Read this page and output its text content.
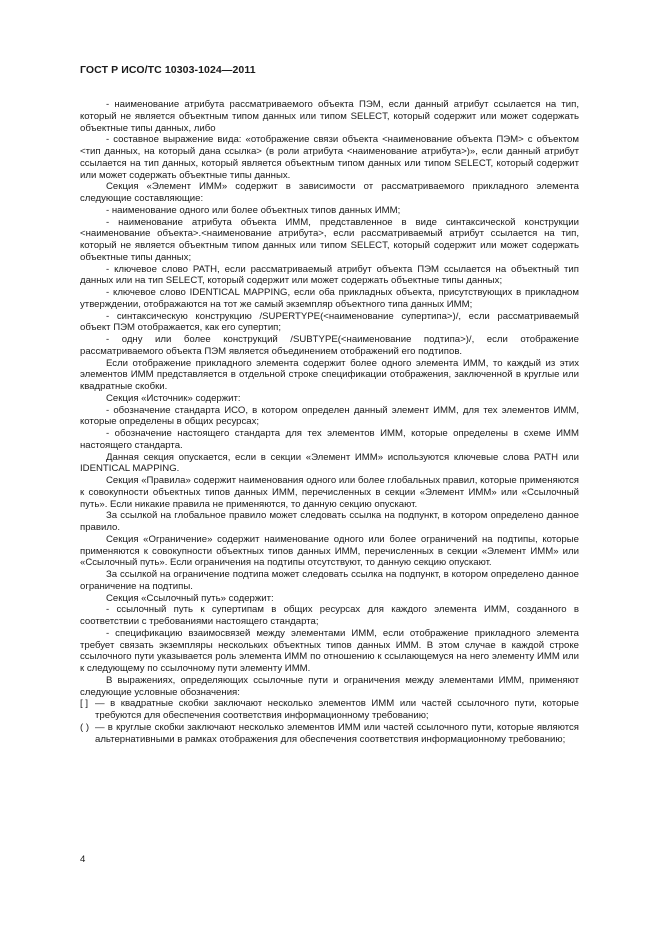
ГОСТ Р ИСО/ТС 10303-1024—2011

- наименование атрибута рассматриваемого объекта ПЭМ, если данный атрибут ссылается на тип, который не является объектным типом данных или типом SELECT, который содержит или может содержать объектные типы данных, либо

- составное выражение вида: «отображение связи объекта <наименование объекта ПЭМ> с объектом <тип данных, на который дана ссылка> (в роли атрибута <наименование атрибута>)», если данный атрибут ссылается на тип данных, который является объектным типом данных или типом SELECT, который содержит или может содержать объектные типы данных.

Секция «Элемент ИММ» содержит в зависимости от рассматриваемого прикладного элемента следующие составляющие:

- наименование одного или более объектных типов данных ИММ;

- наименование атрибута объекта ИММ, представленное в виде синтаксической конструкции <наименование объекта>.<наименование атрибута>, если рассматриваемый атрибут ссылается на тип, который не является объектным типом данных или типом SELECT, который содержит или может содержать объектные типы данных;

- ключевое слово PATH, если рассматриваемый атрибут объекта ПЭМ ссылается на объектный тип данных или на тип SELECT, который содержит или может содержать объектные типы данных;

- ключевое слово IDENTICAL MAPPING, если оба прикладных объекта, присутствующих в прикладном утверждении, отображаются на тот же самый экземпляр объектного типа данных ИММ;

- синтаксическую конструкцию /SUPERTYPE(<наименование супертипа>)/, если рассматриваемый объект ПЭМ отображается, как его супертип;

- одну или более конструкций /SUBTYPE(<наименование подтипа>)/, если отображение рассматриваемого объекта ПЭМ является объединением отображений его подтипов.

Если отображение прикладного элемента содержит более одного элемента ИММ, то каждый из этих элементов ИММ представляется в отдельной строке спецификации отображения, заключенной в круглые или квадратные скобки.

Секция «Источник» содержит:

- обозначение стандарта ИСО, в котором определен данный элемент ИММ, для тех элементов ИММ, которые определены в общих ресурсах;

- обозначение настоящего стандарта для тех элементов ИММ, которые определены в схеме ИММ настоящего стандарта.

Данная секция опускается, если в секции «Элемент ИММ» используются ключевые слова PATH или IDENTICAL MAPPING.

Секция «Правила» содержит наименования одного или более глобальных правил, которые применяются к совокупности объектных типов данных ИММ, перечисленных в секции «Элемент ИММ» или «Ссылочный путь». Если никакие правила не применяются, то данную секцию опускают.

За ссылкой на глобальное правило может следовать ссылка на подпункт, в котором определено данное правило.

Секция «Ограничение» содержит наименование одного или более ограничений на подтипы, которые применяются к совокупности объектных типов данных ИММ, перечисленных в секции «Элемент ИММ» или «Ссылочный путь». Если ограничения на подтипы отсутствуют, то данную секцию опускают.

За ссылкой на ограничение подтипа может следовать ссылка на подпункт, в котором определено данное ограничение на подтипы.

Секция «Ссылочный путь» содержит:

- ссылочный путь к супертипам в общих ресурсах для каждого элемента ИММ, созданного в соответствии с требованиями настоящего стандарта;

- спецификацию взаимосвязей между элементами ИММ, если отображение прикладного элемента требует связать экземпляры нескольких объектных типов данных ИММ. В этом случае в каждой строке ссылочного пути указывается роль элемента ИММ по отношению к ссылающемуся на него элементу ИММ или к следующему по ссылочному пути элементу ИММ.

В выражениях, определяющих ссылочные пути и ограничения между элементами ИММ, применяют следующие условные обозначения:

[ ] — в квадратные скобки заключают несколько элементов ИММ или частей ссылочного пути, которые требуются для обеспечения соответствия информационному требованию;
( ) — в круглые скобки заключают несколько элементов ИММ или частей ссылочного пути, которые являются альтернативными в рамках отображения для обеспечения соответствия информационному требованию;
4
